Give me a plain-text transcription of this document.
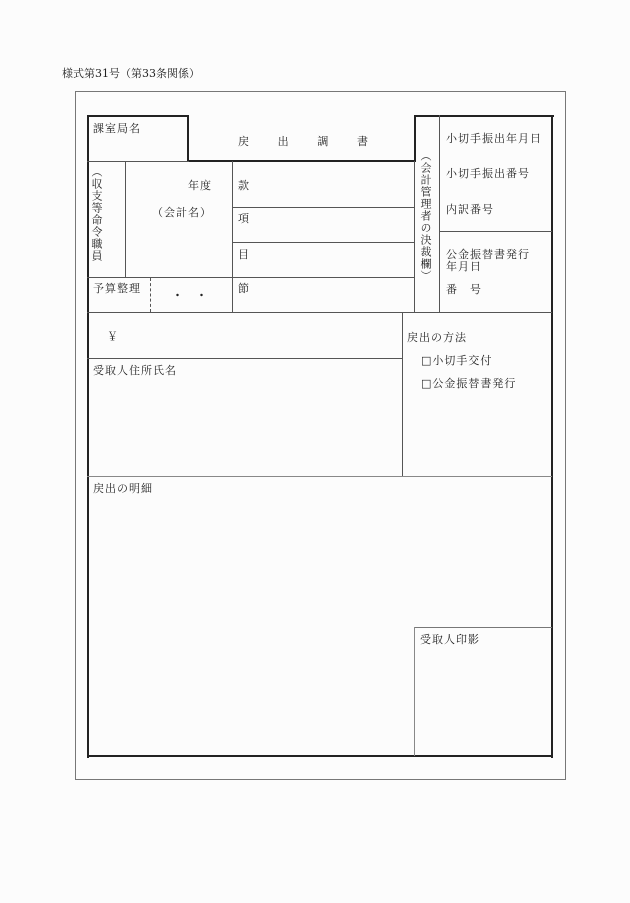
様式第31号（第33条関係）
課室局名
戻	出	調	書
（収支等命令職員	年度
（会計名）
予算整理
・　・
款
項
目
節
（会計管理者の決裁欄）
小切手振出年月日
小切手振出番号
内訳番号
公金振替書発行
年月日
番　号
￥
受取人住所氏名
戻出の方法
□小切手交付
□公金振替書発行
戻出の明細
受取人印影
